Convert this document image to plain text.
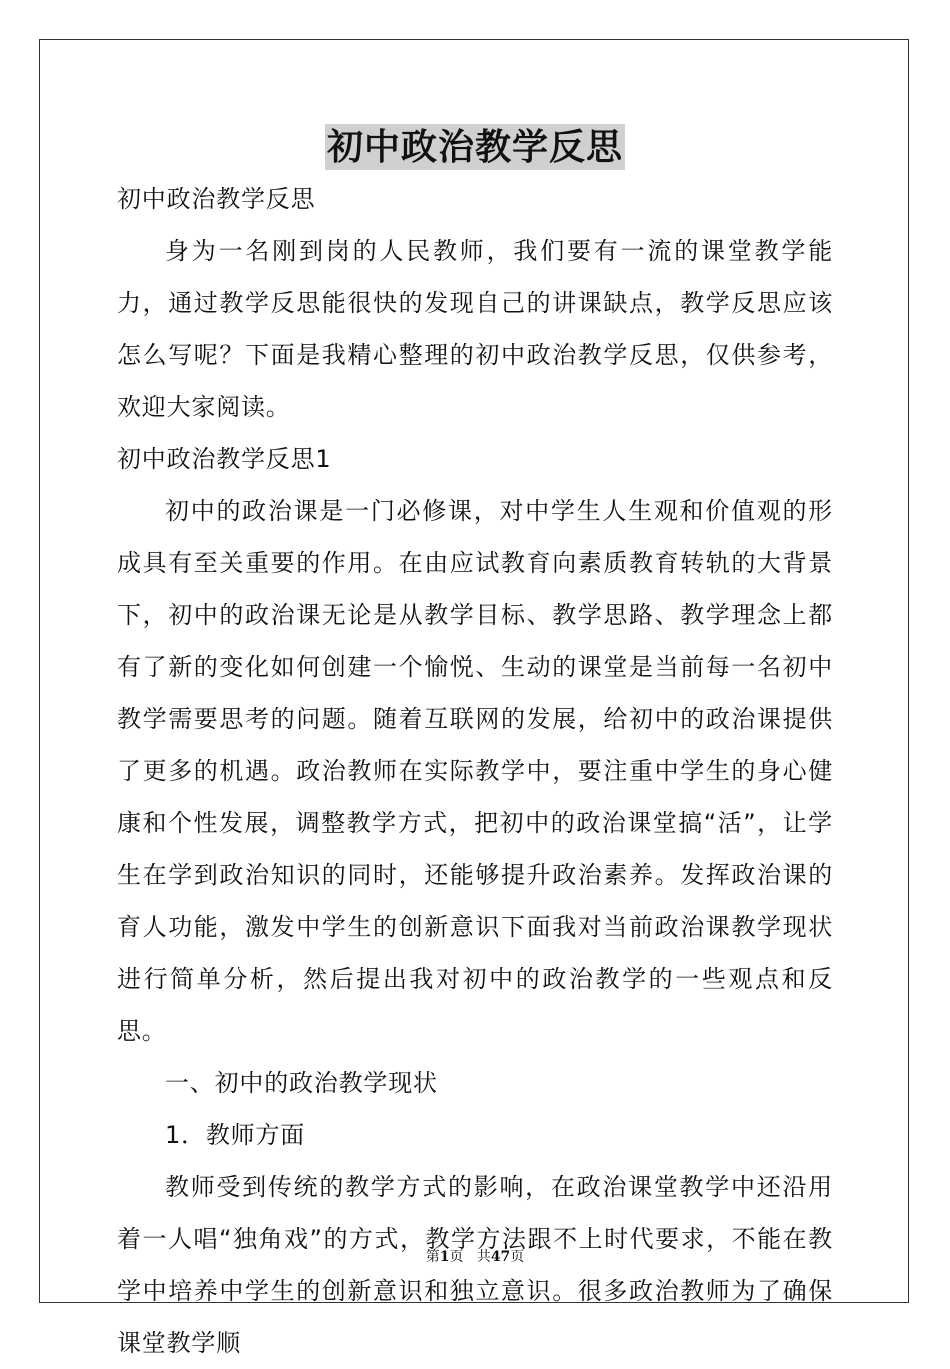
初中政治教学反思

初中政治教学反思

身为一名刚到岗的人民教师，我们要有一流的课堂教学能力，通过教学反思能很快的发现自己的讲课缺点，教学反思应该怎么写呢？下面是我精心整理的初中政治教学反思，仅供参考，欢迎大家阅读。

初中政治教学反思1

初中的政治课是一门必修课，对中学生人生观和价值观的形成具有至关重要的作用。在由应试教育向素质教育转轨的大背景下，初中的政治课无论是从教学目标、教学思路、教学理念上都有了新的变化如何创建一个愉悦、生动的课堂是当前每一名初中教学需要思考的问题。随着互联网的发展，给初中的政治课提供了更多的机遇。政治教师在实际教学中，要注重中学生的身心健康和个性发展，调整教学方式，把初中的政治课堂搞“活”，让学生在学到政治知识的同时，还能够提升政治素养。发挥政治课的育人功能，激发中学生的创新意识下面我对当前政治课教学现状进行简单分析，然后提出我对初中的政治教学的一些观点和反思。

一、初中的政治教学现状

1．教师方面

教师受到传统的教学方式的影响，在政治课堂教学中还沿用着一人唱“独角戏”的方式，教学方法跟不上时代要求，不能在教学中培养中学生的创新意识和独立意识。很多政治教师为了确保课堂教学顺

第1页 共47页
